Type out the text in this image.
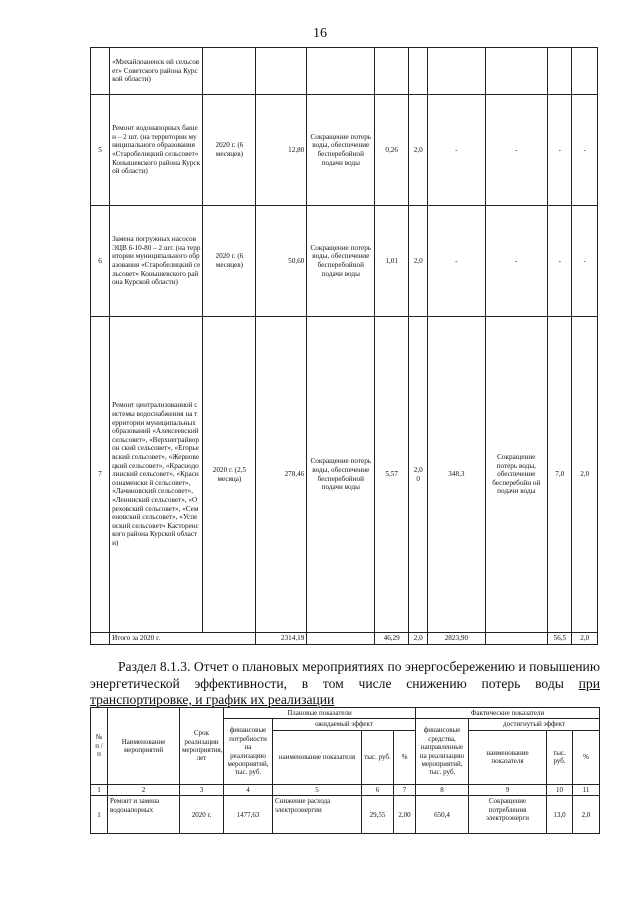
16
	«Михайлоаненск ий сельсовет» Советского района Курской области)									
5	Ремонт водонапорных башен – 2 шт. (на территории муниципального образования «Старобелицкий сельсовет» Конышевского района Курской области)	2020 г. (6 месяцев)	12,80	Сокращение потерь воды, обеспечение бесперебойной подачи воды	0,26	2,0	-	-	-	-
6	Замена погружных насосов ЭЦВ 6-10-80 – 2 шт. (на территории муниципального образования «Старобелицкий сельсовет» Конышевского района Курской области)	2020 г. (6 месяцев)	50,60	Сокращение потерь воды, обеспечение бесперебойной подачи воды	1,01	2,0	-	-	-	-
7	Ремонт централизованной системы водоснабжения на территории муниципальных образований «Алексеевский сельсовет», «Верхнеграйворон ский сельсовет», «Егорьевский сельсовет», «Жерновецкий сельсовет», «Краснодолинский сельсовет», «Краснознаменски й сельсовет», «Лачиновский сельсовет», «Ленинский сельсовет», «Ореховский сельсовет», «Семеновский сельсовет», «Успенский сельсовет» Касторенского района Курской области)	2020 г. (2,5 месяца)	278,46	Сокращение потерь воды, обеспечение бесперебойной подачи воды	5,57	2,0 0	348,3	Сокращение потерь воды, обеспечение бесперебойн ой подачи воды	7,0	2,0
	Итого за 2020 г.		2314,19		46,29	2,0	2823,90		56,5	2,0
Раздел 8.1.3. Отчет о плановых мероприятиях по энергосбережению и повышению энергетической эффективности, в том числе снижению потерь воды при транспортировке, и график их реализации
№ п / п	Наименование мероприятий	Срок реализации мероприятия, лет	Плановые показатели				Фактические показатели			
			финансовые потребности на реализацию мероприятий, тыс. руб.	ожидаемый эффект			финансовые средства, направленные на реализацию мероприятий, тыс. руб.	достигнутый эффект		
				наименование показателя	тыс. руб.	%		наименование показателя	тыс. руб.	%
1	2	3	4	5	6	7	8	9	10	11
1	Ремонт и замена водонапорных	2020 г.	1477,63	Снижение расхода электроэнергии	29,55	2,00	650,4	Сокращение потребления электроэнерги	13,0	2,0
